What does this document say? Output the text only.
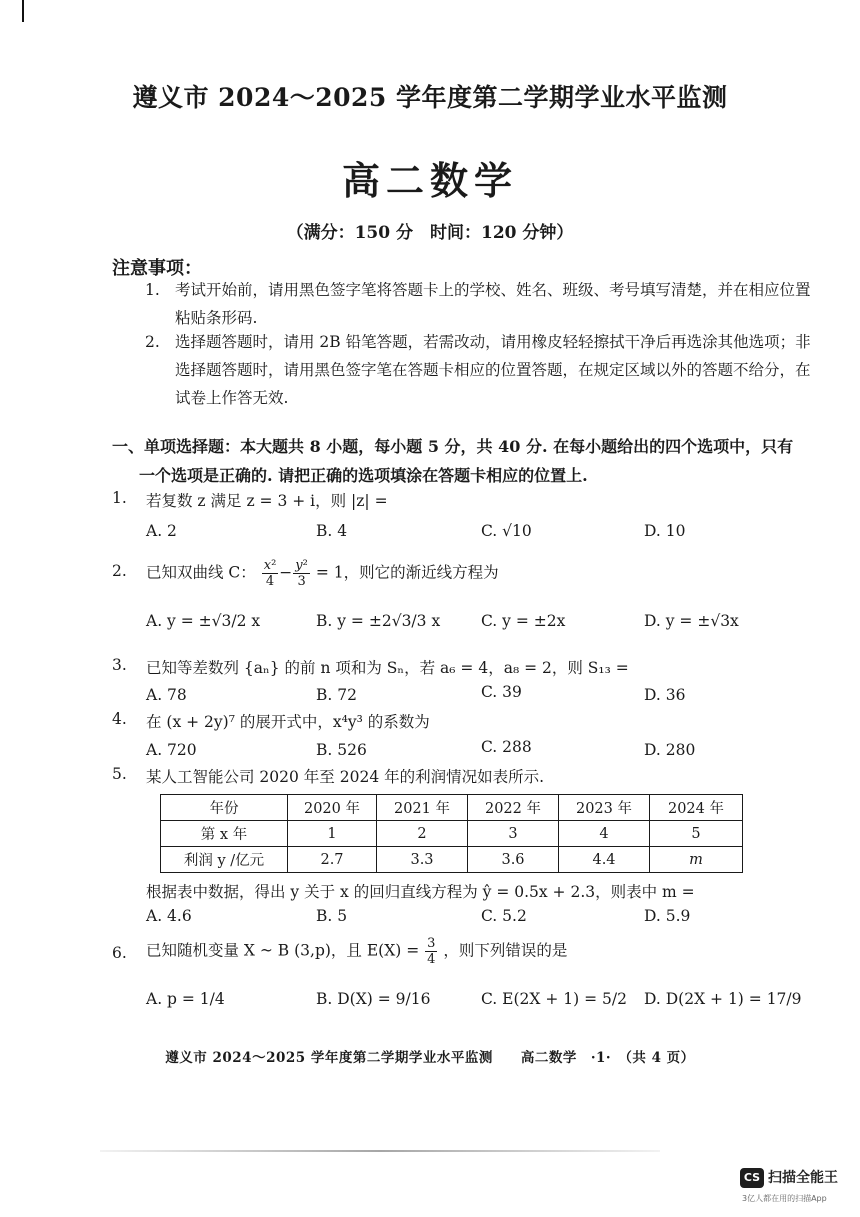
遵义市 2024～2025 学年度第二学期学业水平监测
高二数学
（满分：150 分　时间：120 分钟）
注意事项：
1. 考试开始前，请用黑色签字笔将答题卡上的学校、姓名、班级、考号填写清楚，并在相应位置粘贴条形码.
2. 选择题答题时，请用 2B 铅笔答题，若需改动，请用橡皮轻轻擦拭干净后再选涂其他选项；非选择题答题时，请用黑色签字笔在答题卡相应的位置答题，在规定区域以外的答题不给分，在试卷上作答无效.
一、单项选择题：本大题共 8 小题，每小题 5 分，共 40 分. 在每小题给出的四个选项中，只有
一个选项是正确的. 请把正确的选项填涂在答题卡相应的位置上.
1. 若复数 z 满足 z = 3 + i，则 |z| =
A. 2	B. 4	C. √10	D. 10
2. 已知双曲线 C： $\frac{\text{x²}}{4} - \frac{\text{y²}}{3} = 1$，则它的渐近线方程为
A. y = ±√3/2 x	B. y = ±2√3/3 x	C. y = ±2x	D. y = ±√3x
3. 已知等差数列 {aₙ} 的前 n 项和为 Sₙ，若 a₆ = 4，a₈ = 2，则 S₁₃ =
A. 78	B. 72	C. 39	D. 36
4. 在 (x + 2y)⁷ 的展开式中，x⁴y³ 的系数为
A. 720	B. 526	C. 288	D. 280
5. 某人工智能公司 2020 年至 2024 年的利润情况如表所示.
年份	2020 年	2021 年	2022 年	2023 年	2024 年
第 x 年	1	2	3	4	5
利润 y /亿元	2.7	3.3	3.6	4.4	m
根据表中数据，得出 y 关于 x 的回归直线方程为 ŷ = 0.5x + 2.3，则表中 m =
A. 4.6	B. 5	C. 5.2	D. 5.9
6. 已知随机变量 X ~ B (3,p)，且 $E(X) = \frac{3}{4}$ ，则下列错误的是
A. p = 1/4	B. D(X) = 9/16	C. E(2X + 1) = 5/2 D. D(2X + 1) = 17/9
遵义市 2024～2025 学年度第二学期学业水平监测　　高二数学　·1·　（共 4 页）
CS 扫描全能王
3亿人都在用的扫描App
